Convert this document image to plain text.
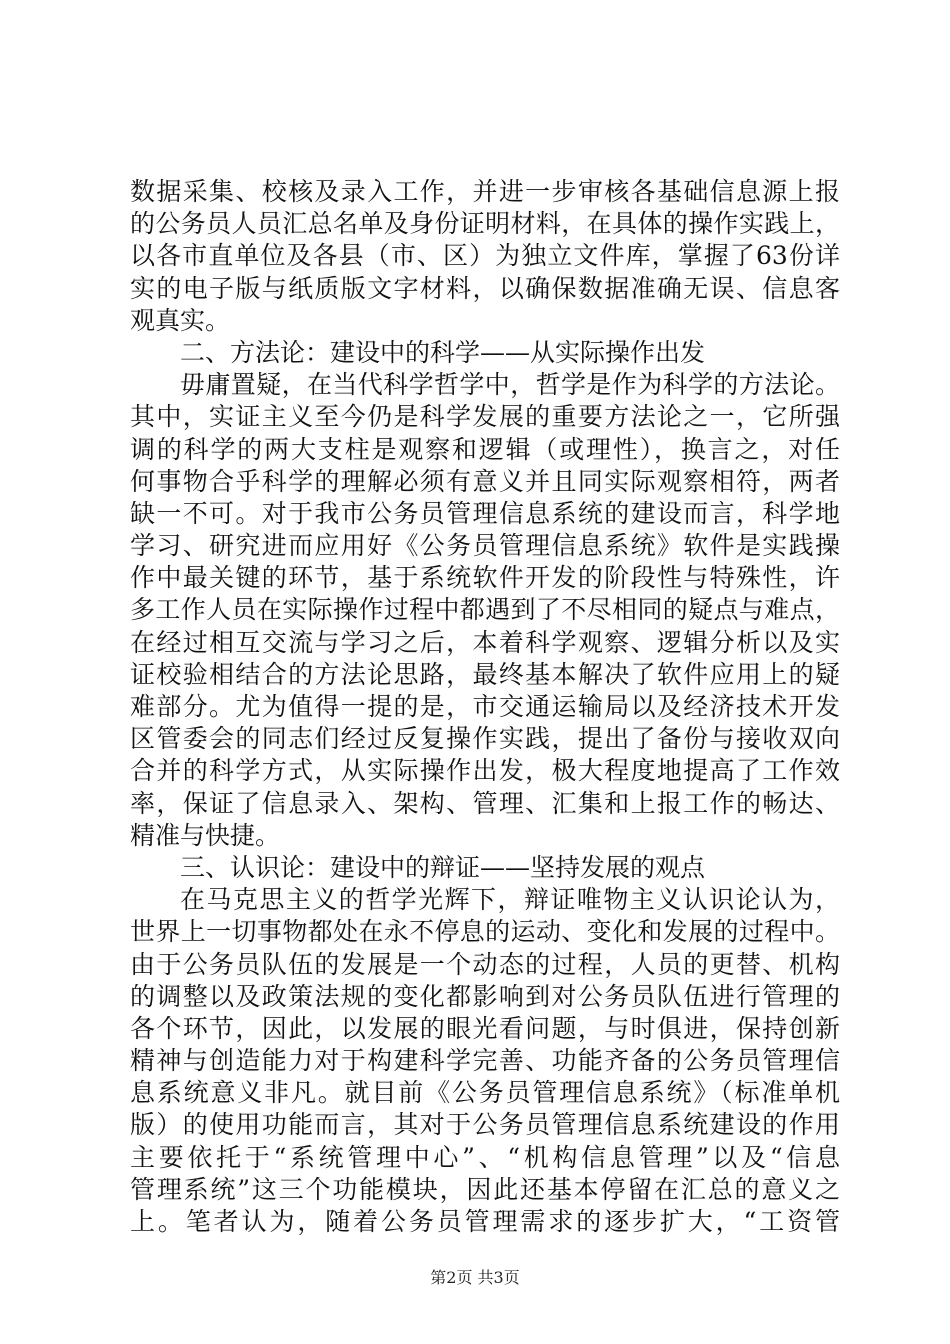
数据采集、校核及录入工作，并进一步审核各基础信息源上报
的公务员人员汇总名单及身份证明材料，在具体的操作实践上，
以各市直单位及各县（市、区）为独立文件库，掌握了63份详
实的电子版与纸质版文字材料，以确保数据准确无误、信息客
观真实。
二、方法论：建设中的科学——从实际操作出发
毋庸置疑，在当代科学哲学中，哲学是作为科学的方法论。
其中，实证主义至今仍是科学发展的重要方法论之一，它所强
调的科学的两大支柱是观察和逻辑（或理性），换言之，对任
何事物合乎科学的理解必须有意义并且同实际观察相符，两者
缺一不可。对于我市公务员管理信息系统的建设而言，科学地
学习、研究进而应用好《公务员管理信息系统》软件是实践操
作中最关键的环节，基于系统软件开发的阶段性与特殊性，许
多工作人员在实际操作过程中都遇到了不尽相同的疑点与难点，
在经过相互交流与学习之后，本着科学观察、逻辑分析以及实
证校验相结合的方法论思路，最终基本解决了软件应用上的疑
难部分。尤为值得一提的是，市交通运输局以及经济技术开发
区管委会的同志们经过反复操作实践，提出了备份与接收双向
合并的科学方式，从实际操作出发，极大程度地提高了工作效
率，保证了信息录入、架构、管理、汇集和上报工作的畅达、
精准与快捷。
三、认识论：建设中的辩证——坚持发展的观点
在马克思主义的哲学光辉下，辩证唯物主义认识论认为，
世界上一切事物都处在永不停息的运动、变化和发展的过程中。
由于公务员队伍的发展是一个动态的过程，人员的更替、机构
的调整以及政策法规的变化都影响到对公务员队伍进行管理的
各个环节，因此，以发展的眼光看问题，与时俱进，保持创新
精神与创造能力对于构建科学完善、功能齐备的公务员管理信
息系统意义非凡。就目前《公务员管理信息系统》（标准单机
版）的使用功能而言，其对于公务员管理信息系统建设的作用
主要依托于“系统管理中心”、“机构信息管理”以及“信息
管理系统”这三个功能模块，因此还基本停留在汇总的意义之
上。笔者认为，随着公务员管理需求的逐步扩大，“工资管
第2页 共3页
